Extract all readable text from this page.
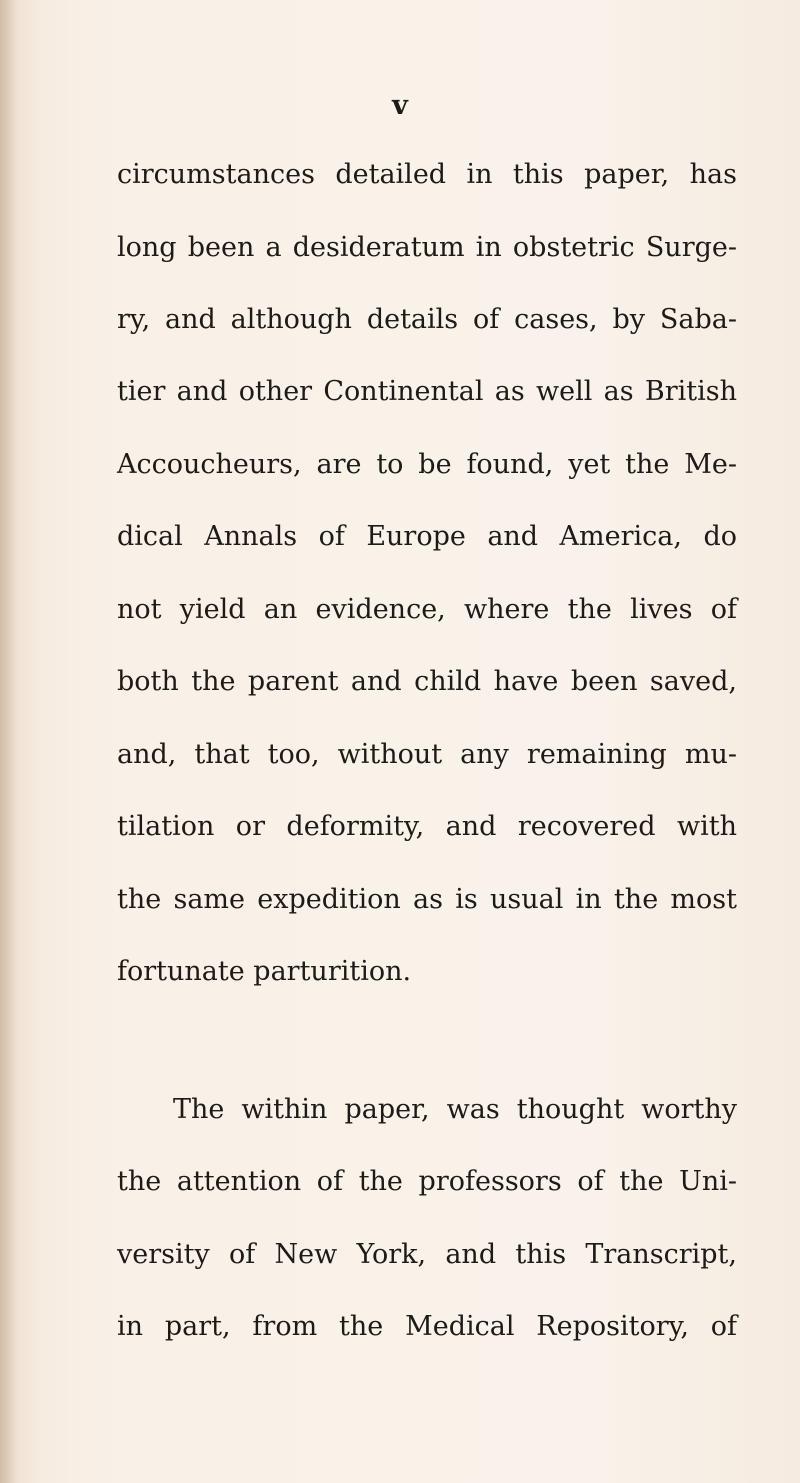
v
circumstances detailed in this paper, has
long been a desideratum in obstetric Surge-
ry, and although details of cases, by Saba-
tier and other Continental as well as British
Accoucheurs, are to be found, yet the Me-
dical Annals of Europe and America, do
not yield an evidence, where the lives of
both the parent and child have been saved,
and, that too, without any remaining mu-
tilation or deformity, and recovered with
the same expedition as is usual in the most
fortunate parturition.
The within paper, was thought worthy
the attention of the professors of the Uni-
versity of New York, and this Transcript,
in part, from the Medical Repository, of
